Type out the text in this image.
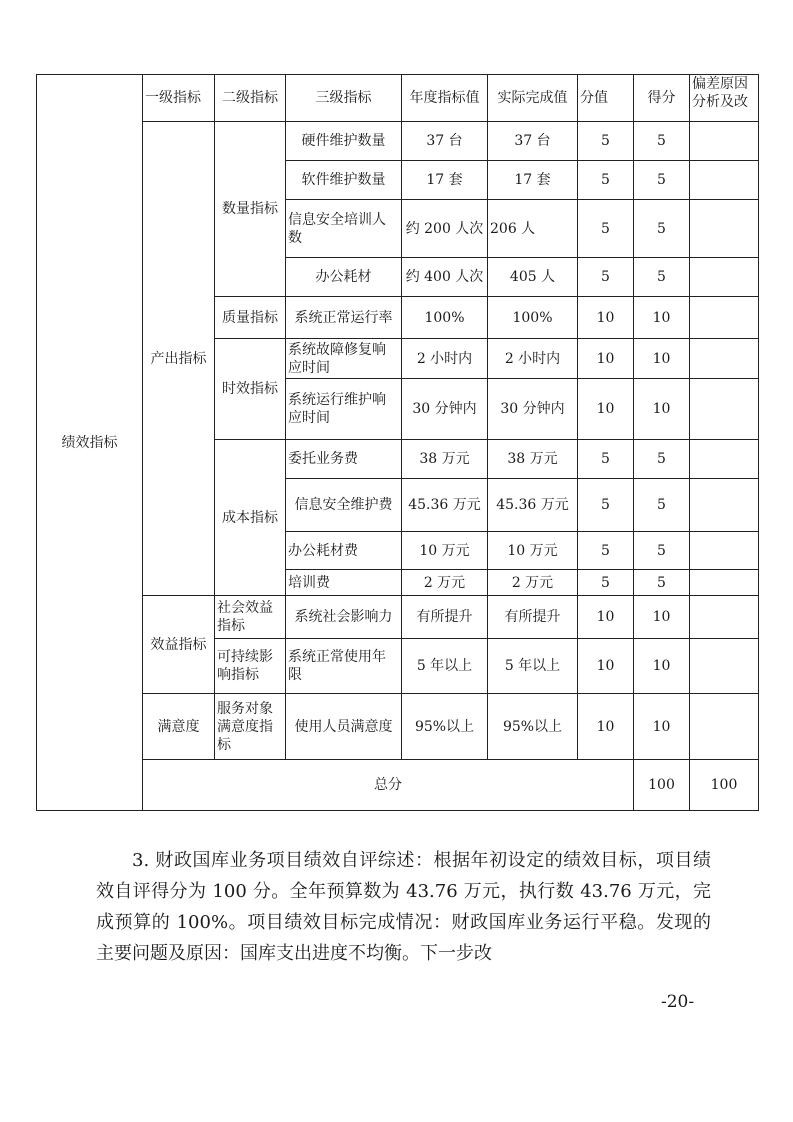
绩效指标	一级指标	二级指标	三级指标	年度指标值	实际完成值	分值	得分	偏差原因分析及改	
	产出指标	数量指标	硬件维护数量	37 台	37 台	5	5		
			软件维护数量	17 套	17 套	5	5		
			信息安全培训人数	约 200 人次	206 人	5	5		
			办公耗材	约 400 人次	405 人	5	5		
		质量指标	系统正常运行率	100%	100%	10	10		
		时效指标	系统故障修复响应时间	2 小时内	2 小时内	10	10		
			系统运行维护响应时间	30 分钟内	30 分钟内	10	10		
		成本指标	委托业务费	38 万元	38 万元	5	5		
			信息安全维护费	45.36 万元	45.36 万元	5	5		
			办公耗材费	10 万元	10 万元	5	5		
			培训费	2 万元	2 万元	5	5		
	效益指标	社会效益指标	系统社会影响力	有所提升	有所提升	10	10		
		可持续影响指标	系统正常使用年限	5 年以上	5 年以上	10	10		
	满意度	服务对象满意度指标	使用人员满意度	95%以上	95%以上	10	10		
	总分						100	100	

3. 财政国库业务项目绩效自评综述：根据年初设定的绩效目标，项目绩效自评得分为 100 分。全年预算数为 43.76 万元，执行数 43.76 万元，完成预算的 100%。项目绩效目标完成情况：财政国库业务运行平稳。发现的主要问题及原因：国库支出进度不均衡。下一步改

-20-
